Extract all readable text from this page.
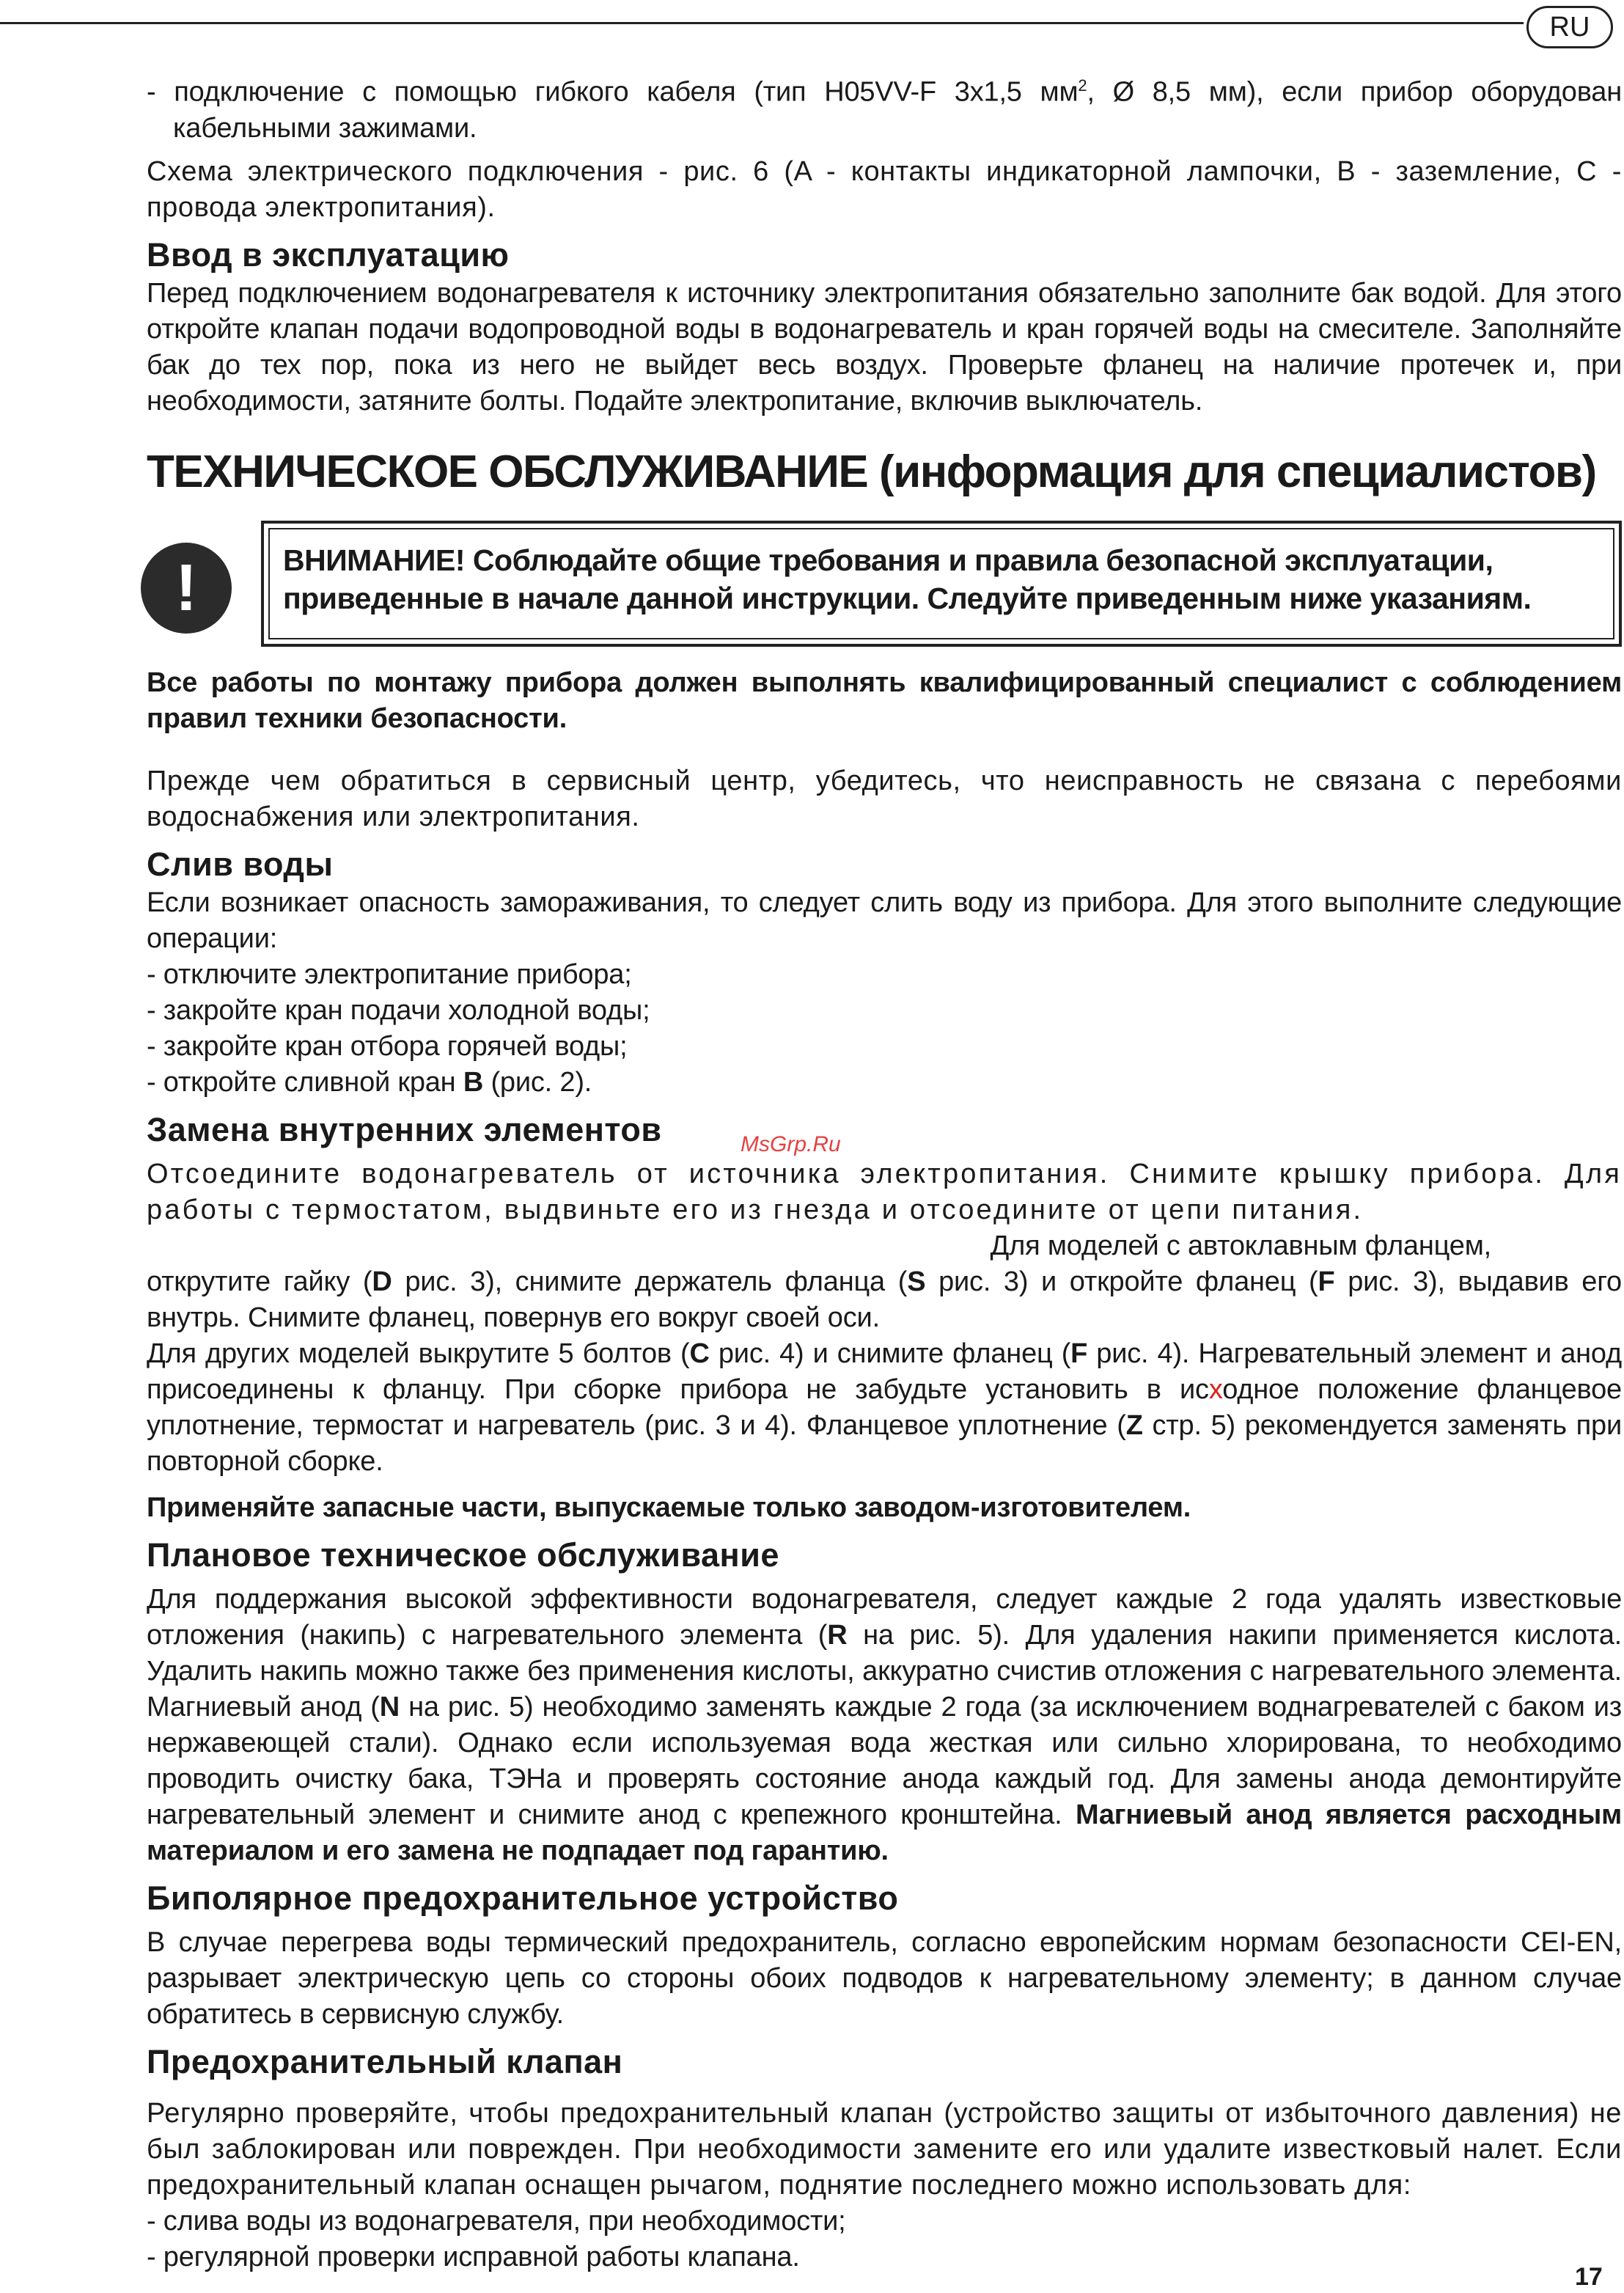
RU
MsGrp.Ru

- подключение с помощью гибкого кабеля (тип H05VV-F 3x1,5 $мм^2$, Ø 8,5 мм), если прибор оборудован кабельными зажимами.

Схема электрического подключения - рис. 6 (A - контакты индикаторной лампочки, B - заземление, C - провода электропитания).

Ввод в эксплуатацию

Перед подключением водонагревателя к источнику электропитания обязательно заполните бак водой. Для этого откройте клапан подачи водопроводной воды в водонагреватель и кран горячей воды на смесителе. Заполняйте бак до тех пор, пока из него не выйдет весь воздух. Проверьте фланец на наличие протечек и, при необходимости, затяните болты. Подайте электропитание, включив выключатель.

ТЕХНИЧЕСКОЕ ОБСЛУЖИВАНИЕ (информация для специалистов)

!	ВНИМАНИЕ! Соблюдайте общие требования и правила безопасной эксплуатации, приведенные в начале данной инструкции. Следуйте приведенным ниже указаниям.

Все работы по монтажу прибора должен выполнять квалифицированный специалист с соблюдением правил техники безопасности.

Прежде чем обратиться в сервисный центр, убедитесь, что неисправность не связана с перебоями водоснабжения или электропитания.

Слив воды

Если возникает опасность замораживания, то следует слить воду из прибора. Для этого выполните следующие операции:

- отключите электропитание прибора;

- закройте кран подачи холодной воды;

- закройте кран отбора горячей воды;

- откройте сливной кран B (рис. 2).

Замена внутренних элементов

Отсоедините водонагреватель от источника электропитания. Снимите крышку прибора. Для работы с термостатом, выдвиньте его из гнезда и отсоедините от цепи питания.

Для моделей с автоклавным фланцем,

открутите гайку (D рис. 3), снимите держатель фланца (S рис. 3) и откройте фланец (F рис. 3), выдавив его внутрь. Снимите фланец, повернув его вокруг своей оси.

Для других моделей выкрутите 5 болтов (C рис. 4) и снимите фланец (F рис. 4). Нагревательный элемент и анод присоединены к фланцу. При сборке прибора не забудьте установить в исходное положение фланцевое уплотнение, термостат и нагреватель (рис. 3 и 4). Фланцевое уплотнение (Z стр. 5) рекомендуется заменять при повторной сборке.

Применяйте запасные части, выпускаемые только заводом-изготовителем.

Плановое техническое обслуживание

Для поддержания высокой эффективности водонагревателя, следует каждые 2 года удалять известковые отложения (накипь) с нагревательного элемента (R на рис. 5). Для удаления накипи применяется кислота. Удалить накипь можно также без применения кислоты, аккуратно счистив отложения с нагревательного элемента. Магниевый анод (N на рис. 5) необходимо заменять каждые 2 года (за исключением воднагревателей с баком из нержавеющей стали). Однако если используемая вода жесткая или сильно хлорирована, то необходимо проводить очистку бака, ТЭНа и проверять состояние анода каждый год. Для замены анода демонтируйте нагревательный элемент и снимите анод с крепежного кронштейна. Магниевый анод является расходным материалом и его замена не подпадает под гарантию.

Биполярное предохранительное устройство

В случае перегрева воды термический предохранитель, согласно европейским нормам безопасности CEI-EN, разрывает электрическую цепь со стороны обоих подводов к нагревательному элементу; в данном случае обратитесь в сервисную службу.

Предохранительный клапан

Регулярно проверяйте, чтобы предохранительный клапан (устройство защиты от избыточного давления) не был заблокирован или поврежден. При необходимости замените его или удалите известковый налет. Если предохранительный клапан оснащен рычагом, поднятие последнего можно использовать для:

- слива воды из водонагревателя, при необходимости;

- регулярной проверки исправной работы клапана.

17
